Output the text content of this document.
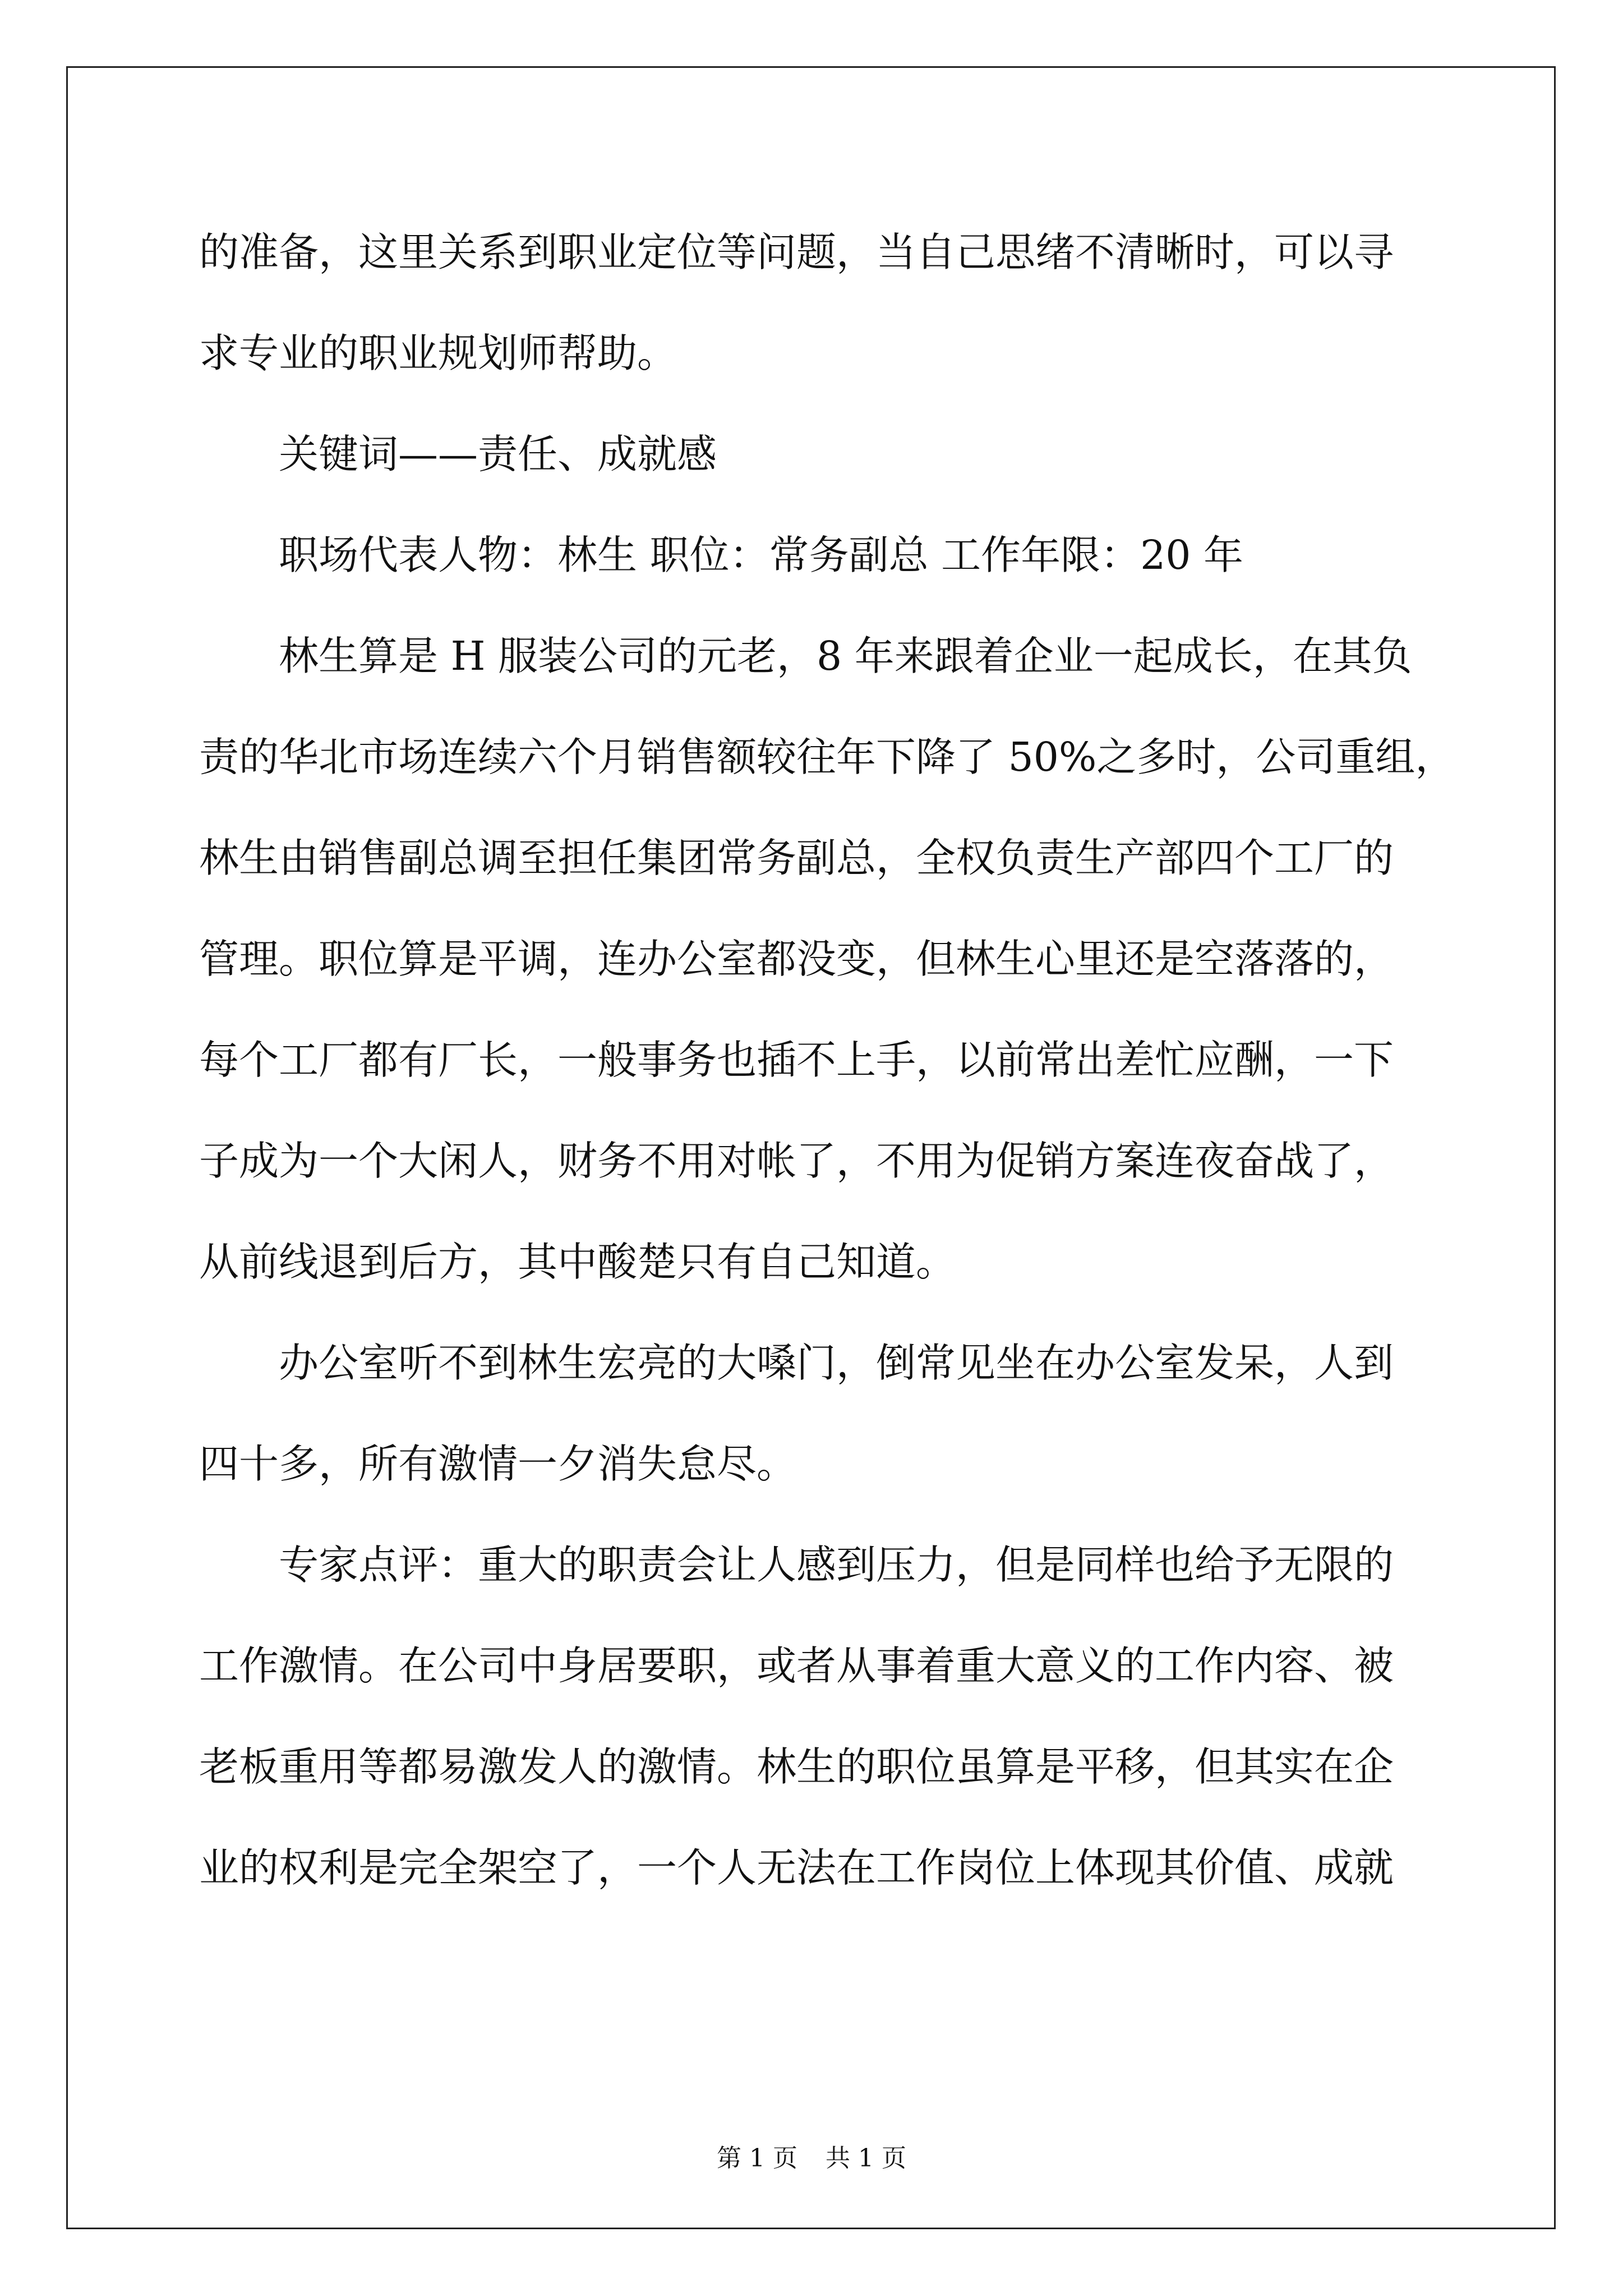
的准备，这里关系到职业定位等问题，当自己思绪不清晰时，可以寻
求专业的职业规划师帮助。
关键词——责任、成就感
职场代表人物：林生 职位：常务副总 工作年限：20 年
林生算是 H 服装公司的元老，8 年来跟着企业一起成长，在其负
责的华北市场连续六个月销售额较往年下降了 50%之多时，公司重组，
林生由销售副总调至担任集团常务副总，全权负责生产部四个工厂的
管理。职位算是平调，连办公室都没变，但林生心里还是空落落的，
每个工厂都有厂长，一般事务也插不上手，以前常出差忙应酬，一下
子成为一个大闲人，财务不用对帐了，不用为促销方案连夜奋战了，
从前线退到后方，其中酸楚只有自己知道。
办公室听不到林生宏亮的大嗓门，倒常见坐在办公室发呆，人到
四十多，所有激情一夕消失怠尽。
专家点评：重大的职责会让人感到压力，但是同样也给予无限的
工作激情。在公司中身居要职，或者从事着重大意义的工作内容、被
老板重用等都易激发人的激情。林生的职位虽算是平移，但其实在企
业的权利是完全架空了，一个人无法在工作岗位上体现其价值、成就
第 1 页 共 1 页
